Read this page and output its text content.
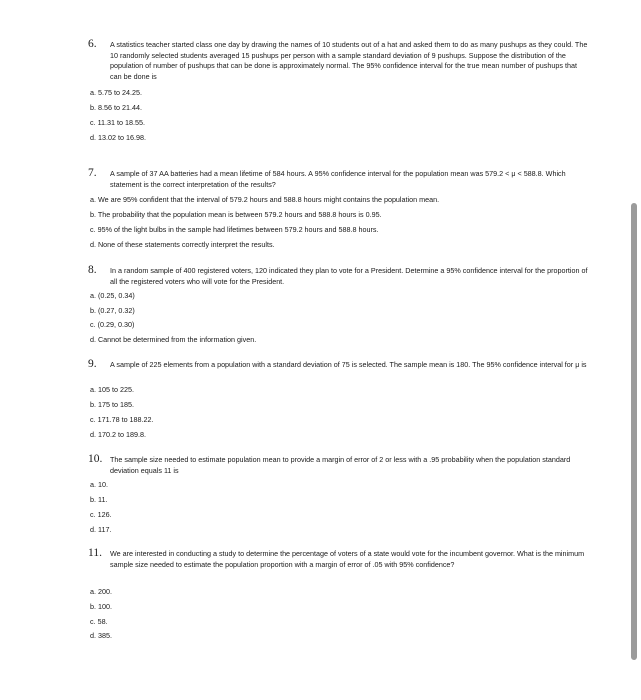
6. A statistics teacher started class one day by drawing the names of 10 students out of a hat and asked them to do as many pushups as they could. The 10 randomly selected students averaged 15 pushups per person with a sample standard deviation of 9 pushups. Suppose the distribution of the population of number of pushups that can be done is approximately normal. The 95% confidence interval for the true mean number of pushups that can be done is
a. 5.75 to 24.25.
b. 8.56 to 21.44.
c. 11.31 to 18.55.
d. 13.02 to 16.98.
7. A sample of 37 AA batteries had a mean lifetime of 584 hours. A 95% confidence interval for the population mean was 579.2 < μ < 588.8. Which statement is the correct interpretation of the results?
a. We are 95% confident that the interval of 579.2 hours and 588.8 hours might contains the population mean.
b. The probability that the population mean is between 579.2 hours and 588.8 hours is 0.95.
c. 95% of the light bulbs in the sample had lifetimes between 579.2 hours and 588.8 hours.
d. None of these statements correctly interpret the results.
8. In a random sample of 400 registered voters, 120 indicated they plan to vote for a President. Determine a 95% confidence interval for the proportion of all the registered voters who will vote for the President.
a. (0.25, 0.34)
b. (0.27, 0.32)
c. (0.29, 0.30)
d. Cannot be determined from the information given.
9. A sample of 225 elements from a population with a standard deviation of 75 is selected. The sample mean is 180. The 95% confidence interval for μ is
a. 105 to 225.
b. 175 to 185.
c. 171.78 to 188.22.
d. 170.2 to 189.8.
10. The sample size needed to estimate population mean to provide a margin of error of 2 or less with a .95 probability when the population standard deviation equals 11 is
a. 10.
b. 11.
c. 126.
d. 117.
11. We are interested in conducting a study to determine the percentage of voters of a state would vote for the incumbent governor. What is the minimum sample size needed to estimate the population proportion with a margin of error of .05 with 95% confidence?
a. 200.
b. 100.
c. 58.
d. 385.
